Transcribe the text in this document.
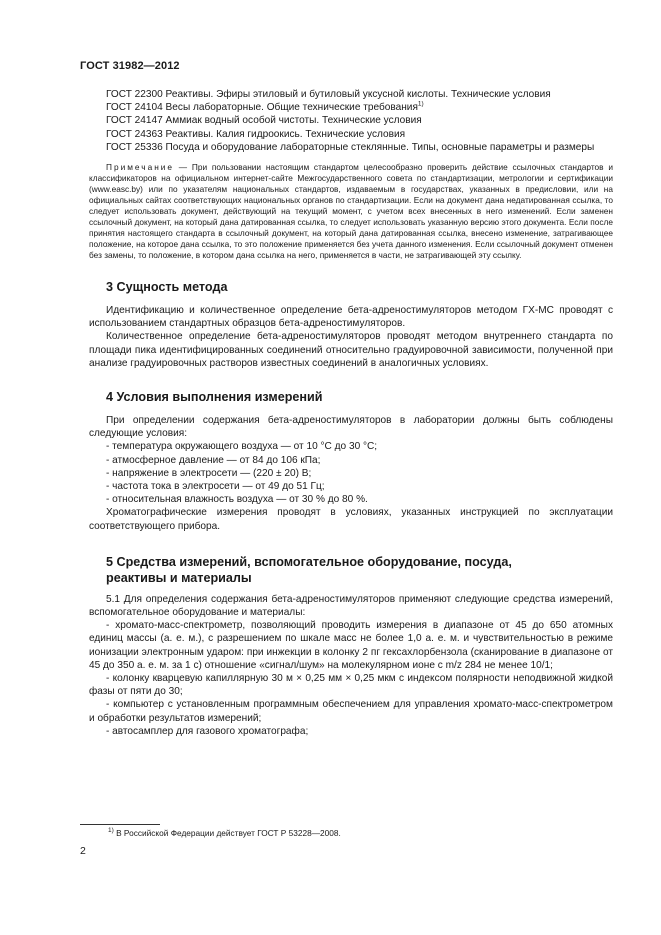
ГОСТ 31982—2012

ГОСТ 22300 Реактивы. Эфиры этиловый и бутиловый уксусной кислоты. Технические условия

ГОСТ 24104 Весы лабораторные. Общие технические требования$^{1)}$

ГОСТ 24147 Аммиак водный особой чистоты. Технические условия

ГОСТ 24363 Реактивы. Калия гидроокись. Технические условия

ГОСТ 25336 Посуда и оборудование лабораторные стеклянные. Типы, основные параметры и размеры

Примечание — При пользовании настоящим стандартом целесообразно проверить действие ссылочных стандартов и классификаторов на официальном интернет-сайте Межгосударственного совета по стандартизации, метрологии и сертификации (www.easc.by) или по указателям национальных стандартов, издаваемым в государствах, указанных в предисловии, или на официальных сайтах соответствующих национальных органов по стандартизации. Если на документ дана недатированная ссылка, то следует использовать документ, действующий на текущий момент, с учетом всех внесенных в него изменений. Если заменен ссылочный документ, на который дана датированная ссылка, то следует использовать указанную версию этого документа. Если после принятия настоящего стандарта в ссылочный документ, на который дана датированная ссылка, внесено изменение, затрагивающее положение, на которое дана ссылка, то это положение применяется без учета данного изменения. Если ссылочный документ отменен без замены, то положение, в котором дана ссылка на него, применяется в части, не затрагивающей эту ссылку.

3 Сущность метода

Идентификацию и количественное определение бета-адреностимуляторов методом ГХ-МС проводят с использованием стандартных образцов бета-адреностимуляторов.

Количественное определение бета-адреностимуляторов проводят методом внутреннего стандарта по площади пика идентифицированных соединений относительно градуировочной зависимости, полученной при анализе градуировочных растворов известных соединений в аналогичных условиях.

4 Условия выполнения измерений

При определении содержания бета-адреностимуляторов в лаборатории должны быть соблюдены следующие условия:

- температура окружающего воздуха — от 10 °С до 30 °С;

- атмосферное давление — от 84 до 106 кПа;

- напряжение в электросети — (220 ± 20) В;

- частота тока в электросети — от 49 до 51 Гц;

- относительная влажность воздуха — от 30 % до 80 %.

Хроматографические измерения проводят в условиях, указанных инструкцией по эксплуатации соответствующего прибора.

5 Средства измерений, вспомогательное оборудование, посуда,
реактивы и материалы

5.1 Для определения содержания бета-адреностимуляторов применяют следующие средства измерений, вспомогательное оборудование и материалы:

- хромато-масс-спектрометр, позволяющий проводить измерения в диапазоне от 45 до 650 атомных единиц массы (а. е. м.), с разрешением по шкале масс не более 1,0 а. е. м. и чувствительностью в режиме ионизации электронным ударом: при инжекции в колонку 2 пг гексахлорбензола (сканирование в диапазоне от 45 до 350 а. е. м. за 1 с) отношение «сигнал/шум» на молекулярном ионе с m/z 284 не менее 10/1;

- колонку кварцевую капиллярную 30 м × 0,25 мм × 0,25 мкм с индексом полярности неподвижной жидкой фазы от пяти до 30;

- компьютер с установленным программным обеспечением для управления хромато-масс-спектрометром и обработки результатов измерений;

- автосамплер для газового хроматографа;

$^{1)}$ В Российской Федерации действует ГОСТ Р 53228—2008.
2
